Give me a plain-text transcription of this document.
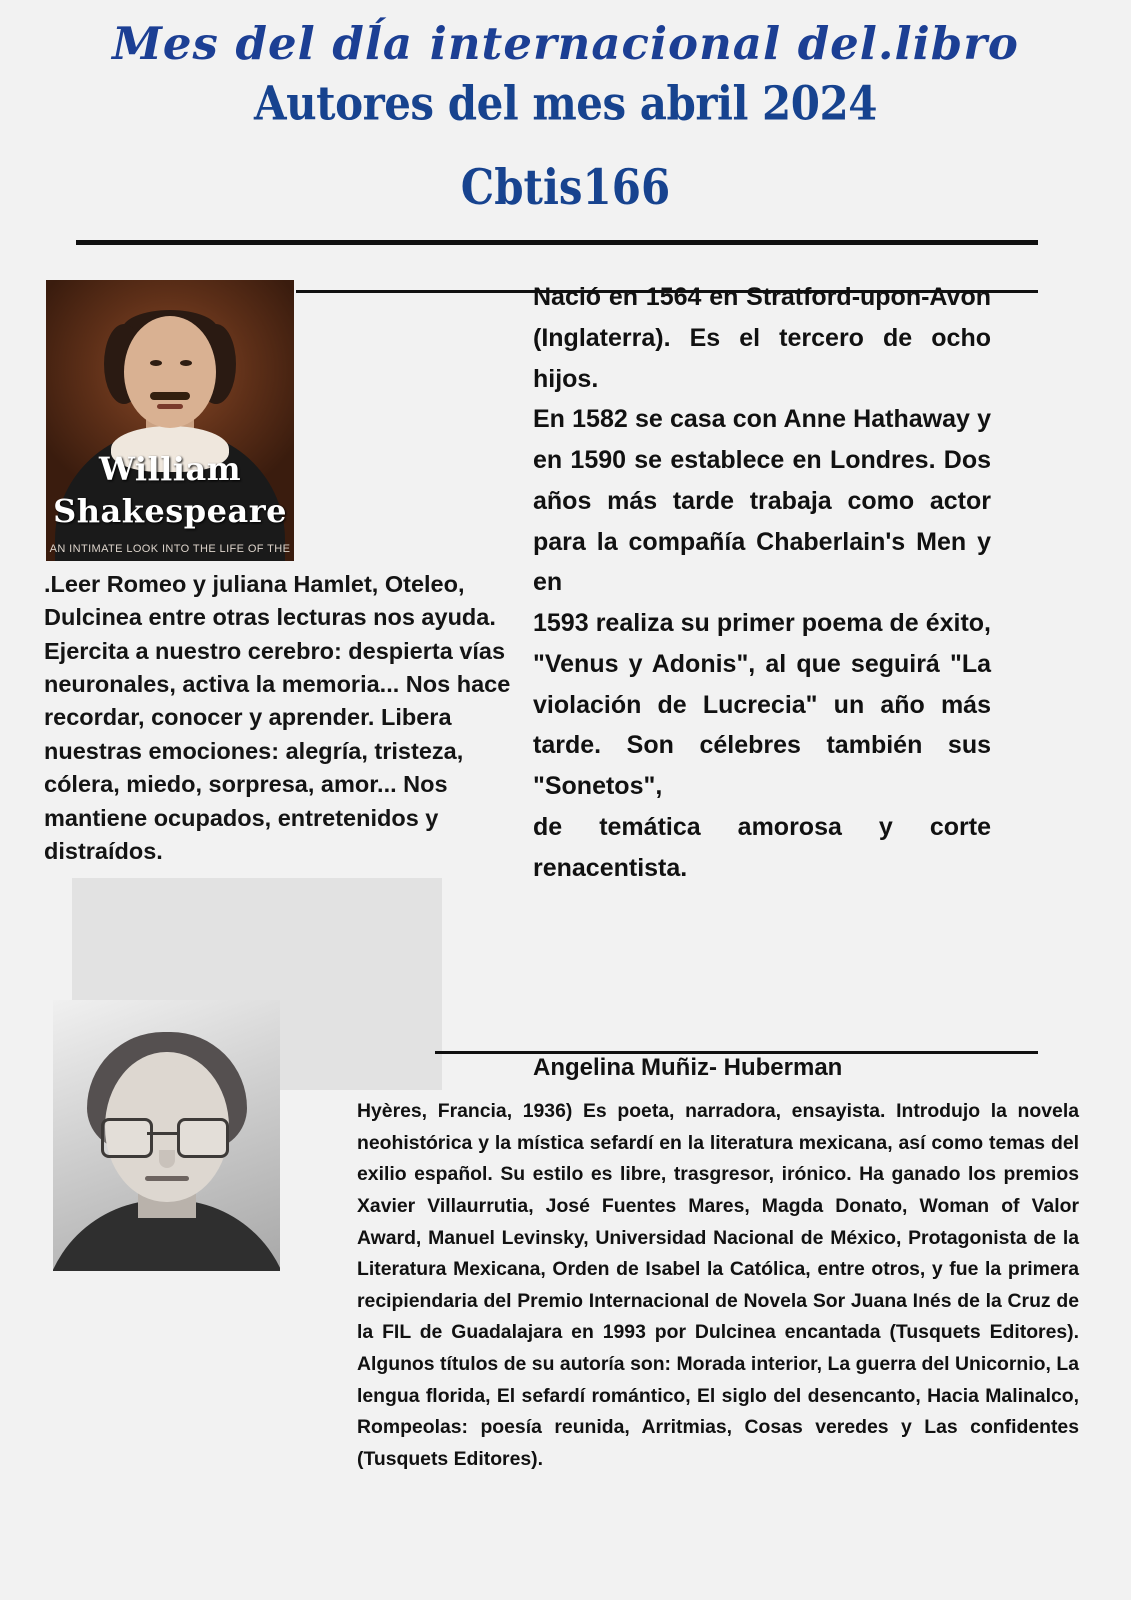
Mes del dĺa internacional del.libro
Autores del mes abril 2024
Cbtis166
William
Shakespeare
AN INTIMATE LOOK INTO THE LIFE OF THE
.Leer Romeo y juliana Hamlet, Oteleo, Dulcinea entre otras lecturas nos ayuda. Ejercita a nuestro cerebro: despierta vías neuronales, activa la memoria... Nos hace recordar, conocer y aprender. Libera nuestras emociones: alegría, tristeza, cólera, miedo, sorpresa, amor... Nos mantiene ocupados, entretenidos y distraídos.

Nació en 1564 en Stratford-upon-Avon (Inglaterra). Es el tercero de ocho hijos.

En 1582 se casa con Anne Hathaway y en 1590 se establece en Londres. Dos años más tarde trabaja como actor para la compañía Chaberlain's Men y en

1593 realiza su primer poema de éxito, "Venus y Adonis", al que seguirá "La violación de Lucrecia" un año más tarde. Son célebres también sus "Sonetos",

de temática amorosa y corte renacentista.

Angelina Muñiz- Huberman
Hyères, Francia, 1936) Es poeta, narradora, ensayista. Introdujo la novela neohistórica y la mística sefardí en la literatura mexicana, así como temas del exilio español. Su estilo es libre, trasgresor, irónico. Ha ganado los premios Xavier Villaurrutia, José Fuentes Mares, Magda Donato, Woman of Valor Award, Manuel Levinsky, Universidad Nacional de México, Protagonista de la Literatura Mexicana, Orden de Isabel la Católica, entre otros, y fue la primera recipiendaria del Premio Internacional de Novela Sor Juana Inés de la Cruz de la FIL de Guadalajara en 1993 por Dulcinea encantada (Tusquets Editores). Algunos títulos de su autoría son: Morada interior, La guerra del Unicornio, La lengua florida, El sefardí romántico, El siglo del desencanto, Hacia Malinalco, Rompeolas: poesía reunida, Arritmias, Cosas veredes y Las confidentes (Tusquets Editores).
